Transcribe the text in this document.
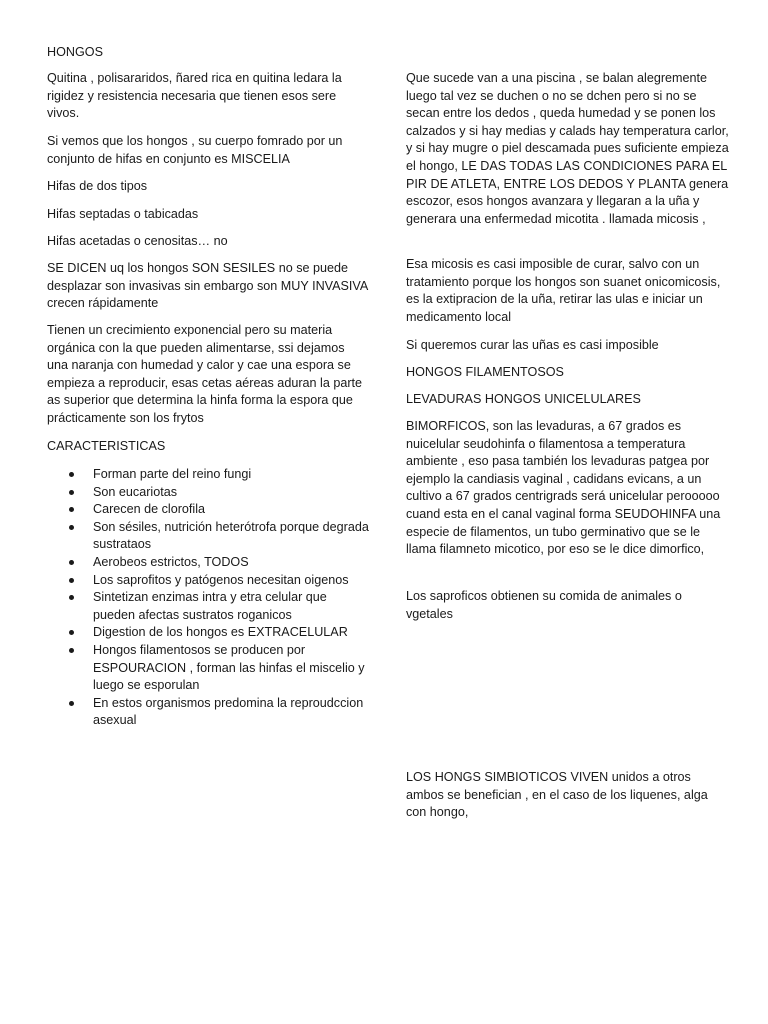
HONGOS

Quitina , polisararidos, ñared rica en quitina ledara la rigidez y resistencia necesaria que tienen esos sere vivos.

Si vemos que los hongos , su cuerpo fomrado por un conjunto de hifas en conjunto es MISCELIA

Hifas de dos tipos

Hifas septadas o tabicadas

Hifas acetadas o cenositas… no

SE DICEN uq los hongos SON SESILES no se puede desplazar son invasivas sin embargo son MUY INVASIVA crecen rápidamente

Tienen un crecimiento exponencial pero su materia orgánica con la que pueden alimentarse, ssi dejamos una naranja con humedad y calor y cae una espora se empieza a reproducir, esas cetas aéreas aduran la parte as superior que determina la hinfa forma la espora que prácticamente son los frytos

CARACTERISTICAS

Forman parte del reino fungi
Son eucariotas
Carecen de clorofila
Son sésiles, nutrición heterótrofa porque degrada sustrataos
Aerobeos estrictos, TODOS
Los saprofitos y patógenos necesitan oigenos
Sintetizan enzimas intra y etra celular que pueden afectas sustratos roganicos
Digestion de los hongos es EXTRACELULAR
Hongos filamentosos se producen por ESPOURACION , forman las hinfas el miscelio y luego se esporulan
En estos organismos predomina la reproudccion asexual

Que sucede van a una piscina , se balan alegremente luego tal vez se duchen o no se dchen pero si no se secan entre los dedos , queda humedad y se ponen los calzados y si hay medias y calads hay temperatura carlor, y si hay mugre o piel descamada pues suficiente empieza el hongo, LE DAS TODAS LAS CONDICIONES PARA EL PIR DE ATLETA, ENTRE LOS DEDOS Y PLANTA genera escozor, esos hongos avanzara y llegaran a la uña y generara una enfermedad micotita . llamada micosis ,

Esa micosis es casi imposible de curar, salvo con un tratamiento porque los hongos son suanet onicomicosis, es la extipracion de la uña, retirar las ulas e iniciar un medicamento local

Si queremos curar las uñas es casi imposible

HONGOS FILAMENTOSOS

LEVADURAS HONGOS UNICELULARES

BIMORFICOS, son las levaduras, a 67 grados es nuicelular seudohinfa o filamentosa a temperatura ambiente , eso pasa también los levaduras patgea por ejemplo la candiasis vaginal , cadidans evicans, a un cultivo a 67 grados centrigrads será unicelular perooooo cuand esta en el canal vaginal forma SEUDOHINFA una especie de filamentos, un tubo germinativo que se le llama filamneto micotico, por eso se le dice dimorfico,

Los saproficos obtienen su comida de animales o vgetales

LOS HONGS SIMBIOTICOS VIVEN unidos a otros ambos se benefician , en el caso de los liquenes, alga con hongo,
